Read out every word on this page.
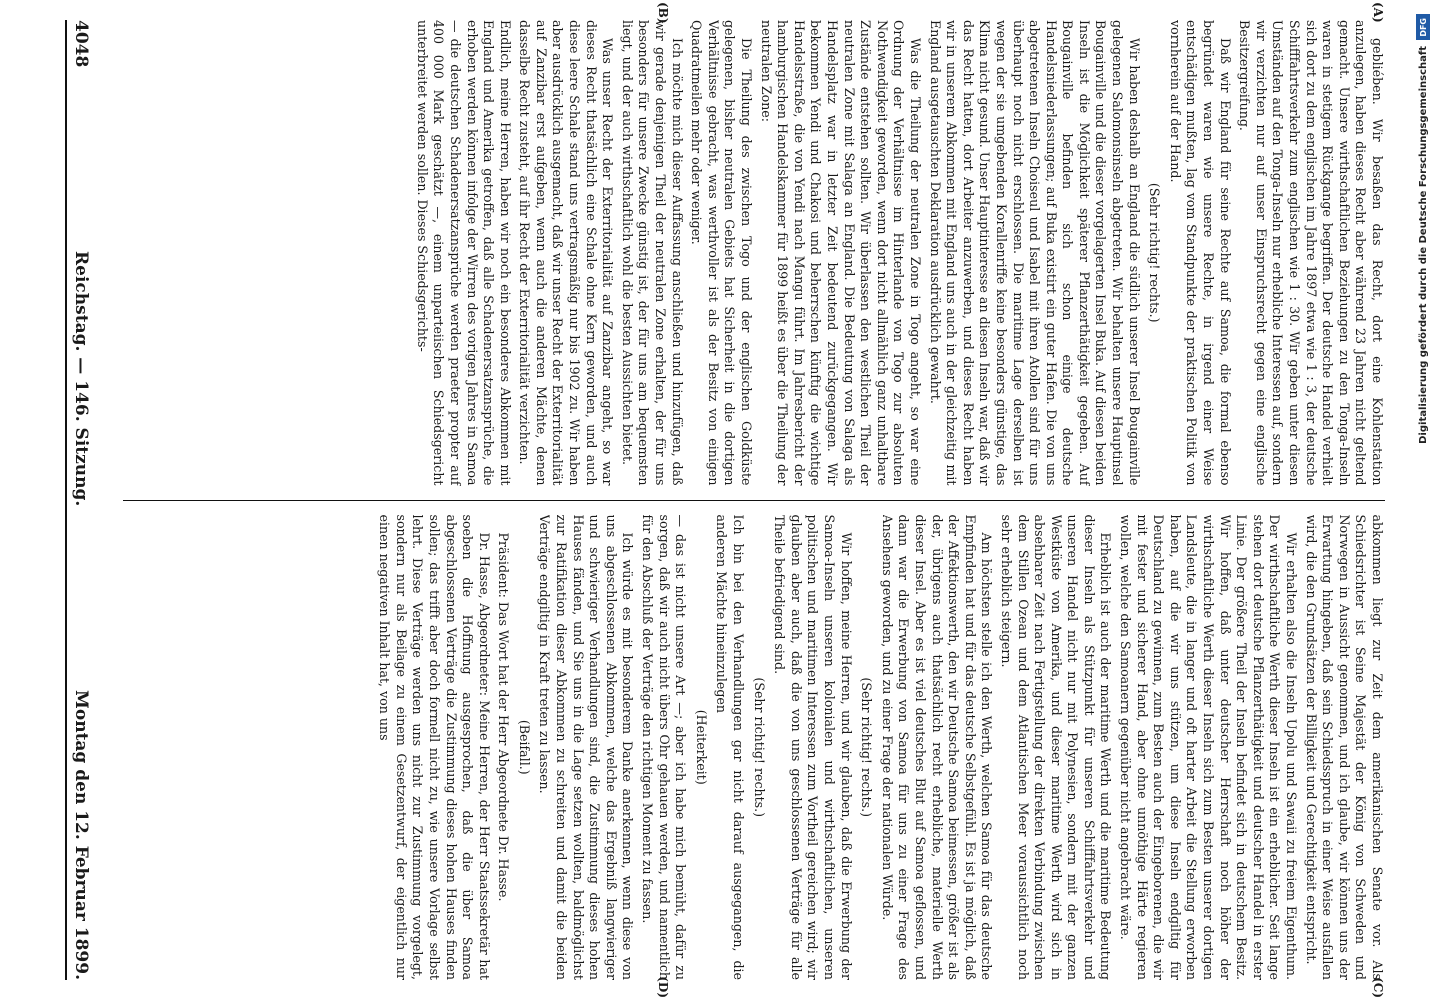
gebliében. Wir besaßen das Recht, dort eine Kohlenstation anzulegen, haben dieses Recht aber während 23 Jahren nicht geltend gemacht. Unsere wirthschaftlichen Beziehungen zu den Tonga-Inseln waren in stetigem Rückgange begriffen. Der deutsche Handel verhielt sich dort zu dem englischen im Jahre 1897 etwa wie 1 : 3, der deutsche Schifffahrtsverkehr zum englischen wie 1 : 30. Wir geben unter diesen Umständen auf den Tonga-Inseln nur erhebliche Interessen auf, sondern wir verzichten nur auf unser Einspruchsrecht gegen eine englische Besitzergreifung.

Daß wir England für seine Rechte auf Samoa, die formal ebenso begründet waren wie unsere Rechte, in irgend einer Weise entschädigen mußten, lag vom Standpunkte der praktischen Politik von vornherein auf der Hand.

(Sehr richtig! rechts.)

Wir haben deshalb an England die südlich unserer Insel Bougainville gelegenen Salomonsinseln abgetreten. Wir behalten unsere Hauptinsel Bougainville und die dieser vorgelagerten Insel Buka. Auf diesen beiden Inseln ist die Möglichkeit späterer Pflanzerthätigkeit gegeben. Auf Bougainville befinden sich schon einige deutsche Handelsniederlassungen; auf Buka existirt ein guter Hafen. Die von uns abgetretenen Inseln Choiseul und Isabel mit ihren Atollen sind für uns überhaupt noch nicht erschlossen. Die maritime Lage derselben ist wegen der sie umgebenden Korallenriffe keine besonders günstige, das Klima nicht gesund. Unser Hauptinteresse an diesen Inseln war, daß wir das Recht hatten, dort Arbeiter anzuwerben, und dieses Recht haben wir in unserem Abkommen mit England uns auch in der gleichzeitig mit England ausgetauschten Deklaration ausdrücklich gewahrt.

Was die Theilung der neutralen Zone in Togo angeht, so war eine Ordnung der Verhältnisse im Hinterlande von Togo zur absoluten Nothwendigkeit geworden, wenn dort nicht allmählich ganz unhaltbare Zustände entstehen sollten. Wir überlassen den westlichen Theil der neutralen Zone mit Salaga an England. Die Bedeutung von Salaga als Handelsplatz war in letzter Zeit bedeutend zurückgegangen. Wir bekommen Yendi und Chakosi und beherrschen künftig die wichtige Handelsstraße, die von Yendi nach Mangu führt. Im Jahresbericht der hamburgischen Handelskammer für 1899 heißt es über die Theilung der neutralen Zone:

Die Theilung des zwischen Togo und der englischen Goldküste gelegenen, bisher neutralen Gebiets hat Sicherheit in die dortigen Verhältnisse gebracht, was werthvoller ist als der Besitz von einigen Quadratmeilen mehr oder weniger.

Ich möchte mich dieser Auffassung anschließen und hinzufügen, daß wir gerade denjenigen Theil der neutralen Zone erhalten, der für uns besonders für unsere Zwecke günstig ist, der für uns am bequemsten liegt, und der auch wirthschaftlich wohl die besten Aussichten bietet.

Was unser Recht der Exterritorialität auf Zanzibar angeht, so war dieses Recht thatsächlich eine Schale ohne Kern geworden, und auch diese leere Schale stand uns vertragsmäßig nur bis 1902 zu. Wir haben aber ausdrücklich ausgemacht, daß wir unser Recht der Exterritorialität auf Zanzibar erst aufgeben, wenn auch die anderen Mächte, denen dasselbe Recht zusteht, auf ihr Recht der Exterritorialität verzichten.

Endlich, meine Herren, haben wir noch ein besonderes Abkommen mit England und Amerika getroffen, daß alle Schadenersatzansprüche, die erhoben werden können infolge der Wirren des vorigen Jahres in Samoa — die deutschen Schadenersatzansprüche werden praeter propter auf 400 000 Mark geschätzt —, einem unparteiischen Schiedsgericht unterbreitet werden sollen. Dieses Schiedsgerichts-

abkommen liegt zur Zeit dem amerikanischen Senate vor. Als Schiedsrichter ist Seine Majestät der König von Schweden und Norwegen in Aussicht genommen, und ich glaube, wir können uns der Erwartung hingeben, daß sein Schiedsspruch in einer Weise ausfallen wird, die den Grundsätzen der Billigkeit und Gerechtigkeit entspricht.

Wir erhalten also die Inseln Upolu und Sawaii zu freiem Eigenthum. Der wirthschaftliche Werth dieser Inseln ist ein erheblicher. Seit lange stehen dort deutsche Pflanzerthätigkeit und deutscher Handel in erster Linie. Der größere Theil der Inseln befindet sich in deutschem Besitz. Wir hoffen, daß unter deutscher Herrschaft noch höher der wirthschaftliche Werth dieser Inseln sich zum Besten unserer dortigen Landsleute, die in langer und oft harter Arbeit die Stellung erworben haben, auf die wir uns stützen, um diese Inseln endgiltig für Deutschland zu gewinnen, zum Besten auch der Eingeborenen, die wir mit fester und sicherer Hand, aber ohne unnöthige Härte regieren wollen, welche den Samoanern gegenüber nicht angebracht wäre.

Erheblich ist auch der maritime Werth und die maritime Bedeutung dieser Inseln als Stützpunkt für unseren Schifffahrtsverkehr und unseren Handel nicht nur mit Polynesien, sondern mit der ganzen Westküste von Amerika, und dieser maritime Werth wird sich in absehbarer Zeit nach Fertigstellung der direkten Verbindung zwischen dem Stillen Ozean und dem Atlantischen Meer voraussichtlich noch sehr erheblich steigern.

Am höchsten stelle ich den Werth, welchen Samoa für das deutsche Empfinden hat und für das deutsche Selbstgefühl. Es ist ja möglich, daß der Affektionswerth, den wir Deutsche Samoa beimessen, größer ist als der, übrigens auch thatsächlich recht erhebliche, materielle Werth dieser Insel. Aber es ist viel deutsches Blut auf Samoa geflossen, und dann war die Erwerbung von Samoa für uns zu einer Frage des Ansehens geworden, und zu einer Frage der nationalen Würde.

(Sehr richtig! rechts.)

Wir hoffen, meine Herren, und wir glauben, daß die Erwerbung der Samoa-Inseln unseren kolonialen und wirthschaftlichen, unseren politischen und maritimen Interessen zum Vortheil gereichen wird; wir glauben aber auch, daß die von uns geschlossenen Verträge für alle Theile befriedigend sind.

(Sehr richtig! rechts.)

Ich bin bei den Verhandlungen gar nicht darauf ausgegangen, die anderen Mächte hineinzulegen

(Heiterkeit)

— das ist nicht unsere Art —; aber ich habe mich bemüht, dafür zu sorgen, daß wir auch nicht übers Ohr gehauen werden, und namentlich für den Abschluß der Verträge den richtigen Moment zu fassen.

Ich würde es mit besonderem Danke anerkennen, wenn diese von uns abgeschlossenen Abkommen, welche das Ergebniß langwieriger und schwieriger Verhandlungen sind, die Zustimmung dieses hohen Hauses fänden, und Sie uns in die Lage setzen wollten, baldmöglichst zur Ratifikation dieser Abkommen zu schreiten und damit die beiden Verträge endgiltig in Kraft treten zu lassen.

(Beifall.)

Präsident: Das Wort hat der Herr Abgeordnete Dr. Hasse.

Dr. Hasse, Abgeordneter: Meine Herren, der Herr Staatssekretär hat soeben die Hoffnung ausgesprochen, daß die über Samoa abgeschlossenen Verträge die Zustimmung dieses hohen Hauses finden sollen; das trifft aber doch formell nicht zu, wie unsere Vorlage selbst lehrt. Diese Verträge werden uns nicht zur Zustimmung vorgelegt, sondern nur als Beilage zu einem Gesetzentwurf, der eigentlich nur einen negativen Inhalt hat, von uns

(A)
(B)
(C)
(D)
4048
Reichstag. — 146. Sitzung.
Montag den 12. Februar 1899.
DFG
Digitalisierung gefördert durch die Deutsche Forschungsgemeinschaft
